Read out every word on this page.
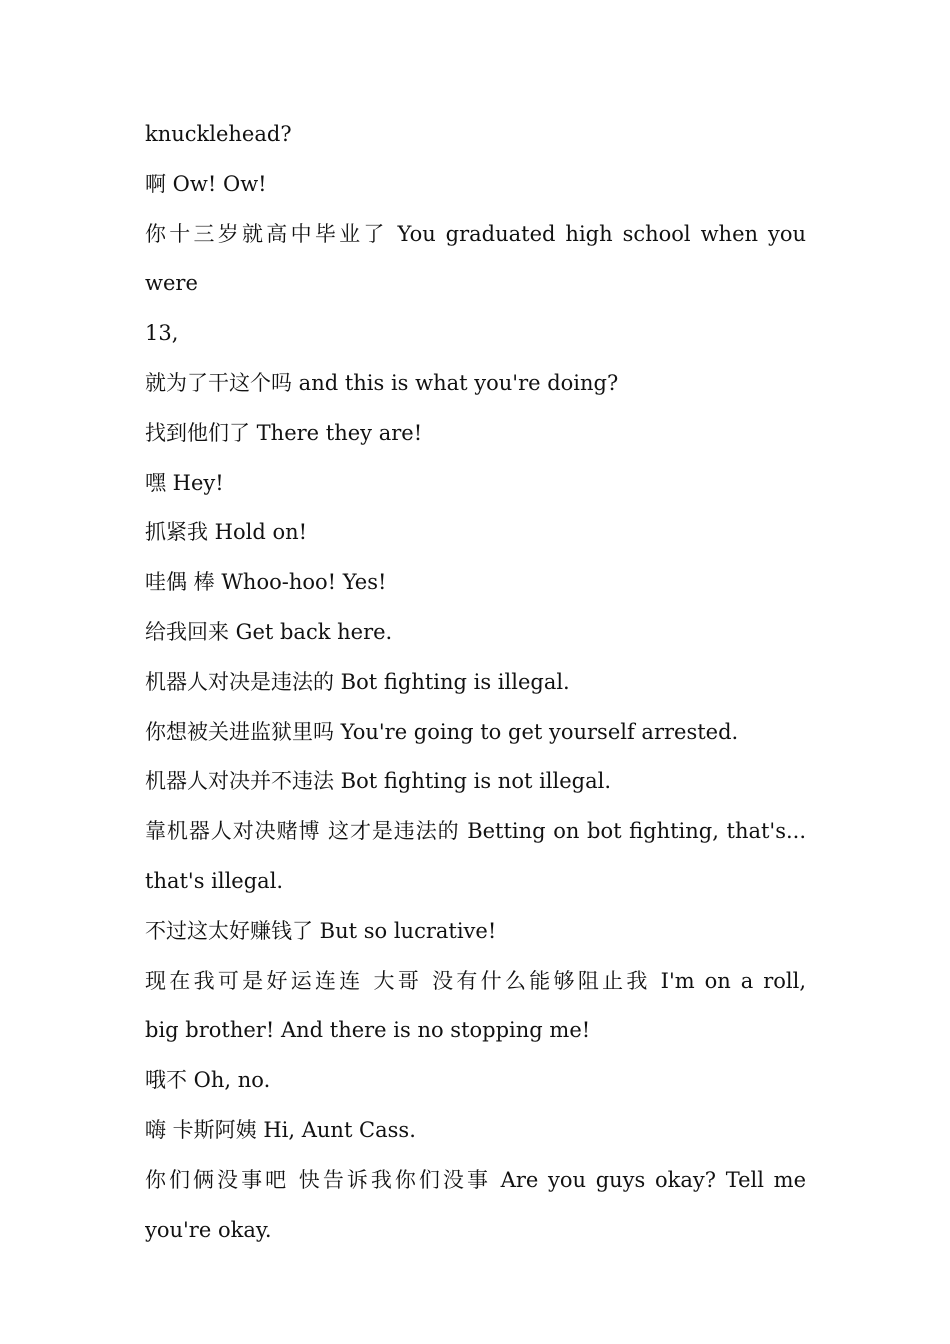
knucklehead?

啊 Ow! Ow!

你十三岁就高中毕业了 You graduated high school when you were

13,

就为了干这个吗 and this is what you're doing?

找到他们了 There they are!

嘿 Hey!

抓紧我 Hold on!

哇偶 棒 Whoo-hoo! Yes!

给我回来 Get back here.

机器人对决是违法的 Bot fighting is illegal.

你想被关进监狱里吗 You're going to get yourself arrested.

机器人对决并不违法 Bot fighting is not illegal.

靠机器人对决赌博 这才是违法的 Betting on bot fighting, that's...

that's illegal.

不过这太好赚钱了 But so lucrative!

现在我可是好运连连 大哥 没有什么能够阻止我 I'm on a roll,

big brother! And there is no stopping me!

哦不 Oh, no.

嗨 卡斯阿姨 Hi, Aunt Cass.

你们俩没事吧 快告诉我你们没事 Are you guys okay? Tell me

you're okay.
